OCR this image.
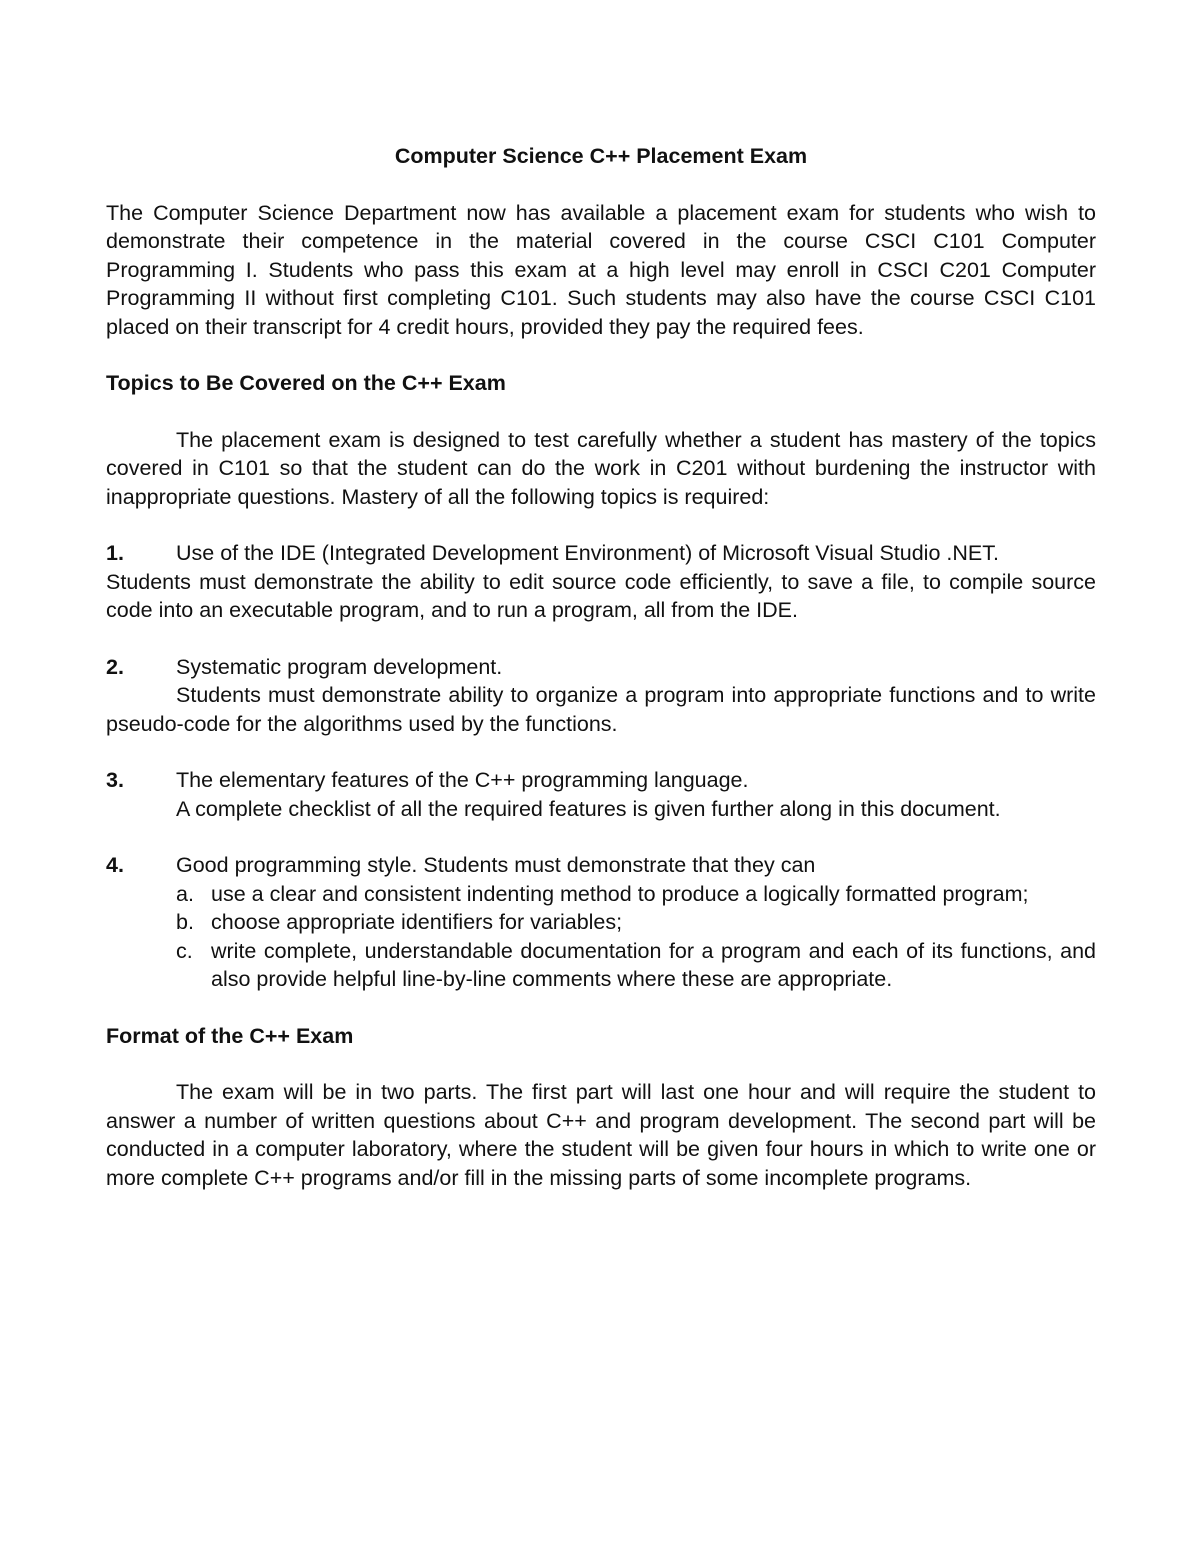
Computer Science C++ Placement Exam

The Computer Science Department now has available a placement exam for students who wish to demonstrate their competence in the material covered in the course CSCI C101 Computer Programming I. Students who pass this exam at a high level may enroll in CSCI C201 Computer Programming II without first completing C101. Such students may also have the course CSCI C101 placed on their transcript for 4 credit hours, provided they pay the required fees.

Topics to Be Covered on the C++ Exam

The placement exam is designed to test carefully whether a student has mastery of the topics covered in C101 so that the student can do the work in C201 without burdening the instructor with inappropriate questions. Mastery of all the following topics is required:

1.	Use of the IDE (Integrated Development Environment) of Microsoft Visual Studio .NET.
Students must demonstrate the ability to edit source code efficiently, to save a file, to compile source code into an executable program, and to run a program, all from the IDE.
2.	Systematic program development.
Students must demonstrate ability to organize a program into appropriate functions and to write pseudo-code for the algorithms used by the functions.
3.	The elementary features of the C++ programming language.
A complete checklist of all the required features is given further along in this document.
4.	Good programming style. Students must demonstrate that they can
a. use a clear and consistent indenting method to produce a logically formatted program;
b. choose appropriate identifiers for variables;
c. write complete, understandable documentation for a program and each of its functions, and also provide helpful line-by-line comments where these are appropriate.
Format of the C++ Exam

The exam will be in two parts. The first part will last one hour and will require the student to answer a number of written questions about C++ and program development. The second part will be conducted in a computer laboratory, where the student will be given four hours in which to write one or more complete C++ programs and/or fill in the missing parts of some incomplete programs.
